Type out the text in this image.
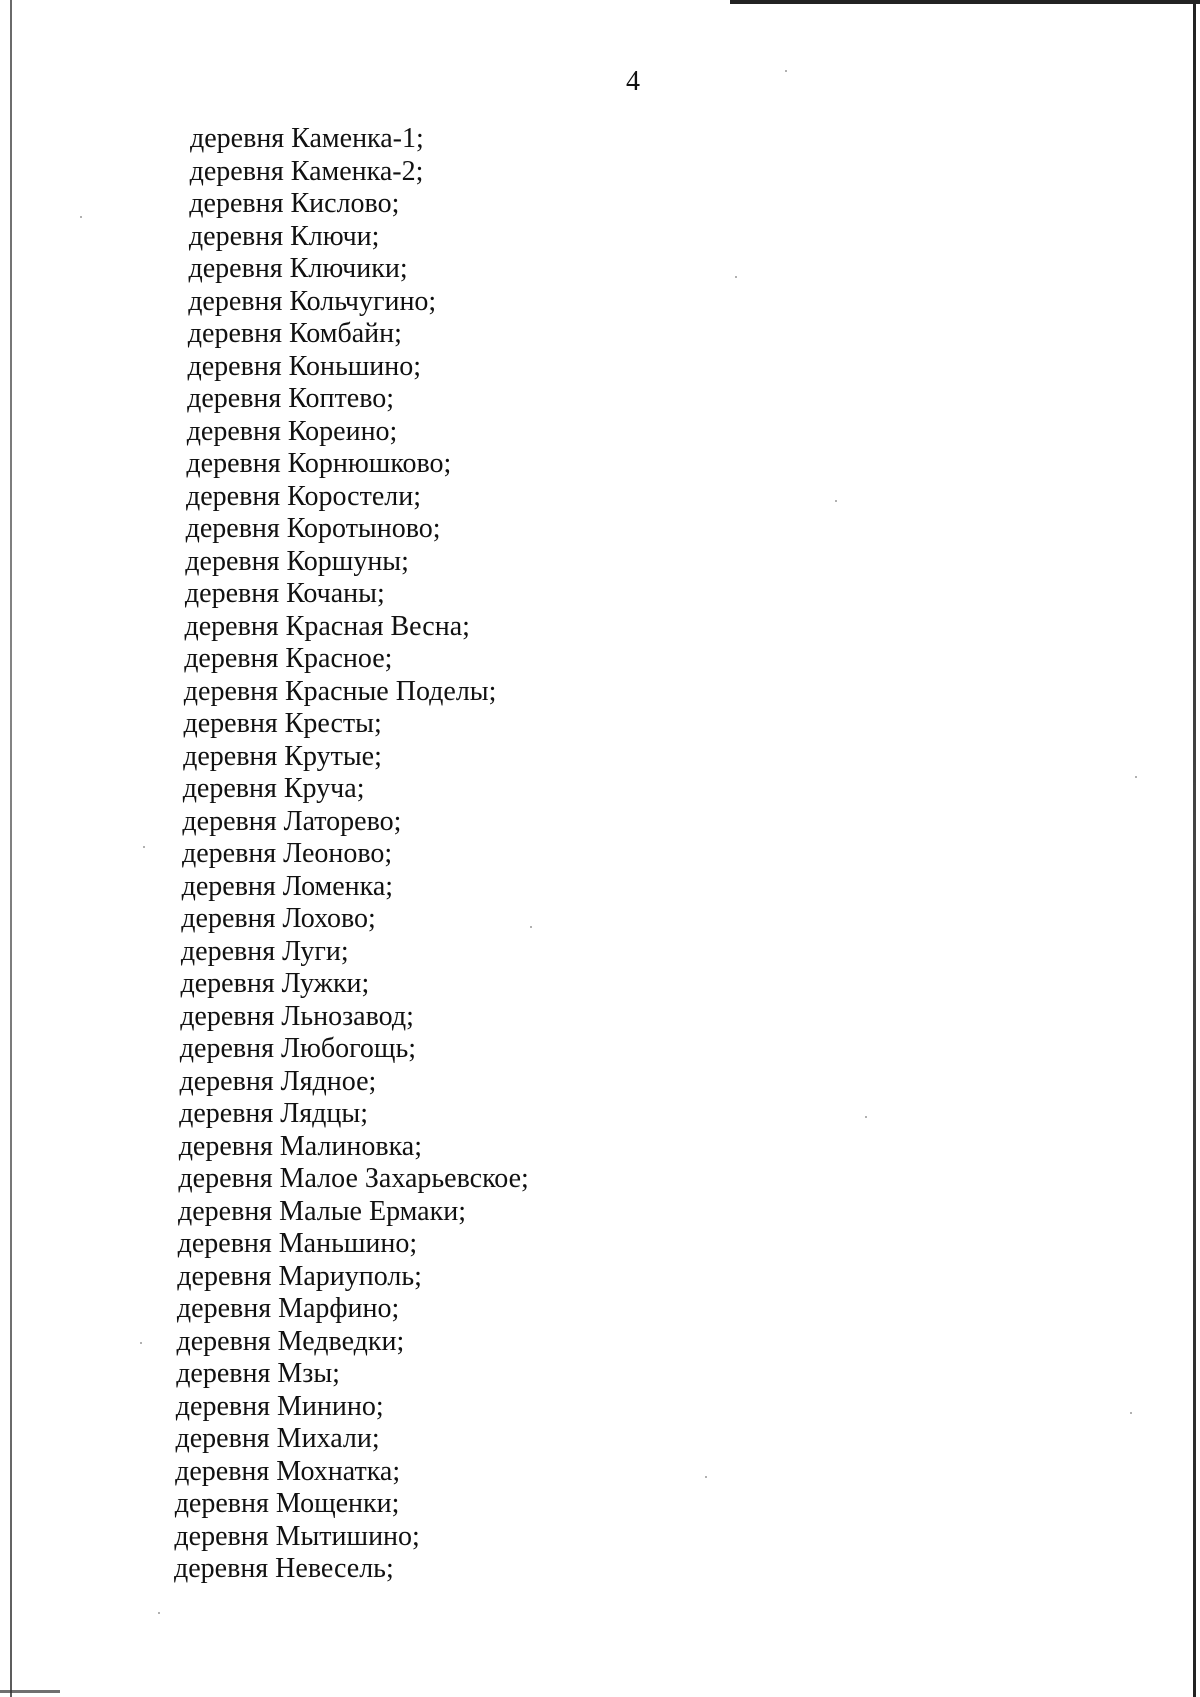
4
деревня Каменка-1;
деревня Каменка-2;
деревня Кислово;
деревня Ключи;
деревня Ключики;
деревня Кольчугино;
деревня Комбайн;
деревня Коньшино;
деревня Коптево;
деревня Кореино;
деревня Корнюшково;
деревня Коростели;
деревня Коротыново;
деревня Коршуны;
деревня Кочаны;
деревня Красная Весна;
деревня Красное;
деревня Красные Поделы;
деревня Кресты;
деревня Крутые;
деревня Круча;
деревня Латорево;
деревня Леоново;
деревня Ломенка;
деревня Лохово;
деревня Луги;
деревня Лужки;
деревня Льнозавод;
деревня Любогощь;
деревня Лядное;
деревня Лядцы;
деревня Малиновка;
деревня Малое Захарьевское;
деревня Малые Ермаки;
деревня Маньшино;
деревня Мариуполь;
деревня Марфино;
деревня Медведки;
деревня Мзы;
деревня Минино;
деревня Михали;
деревня Мохнатка;
деревня Мощенки;
деревня Мытишино;
деревня Невесель;
